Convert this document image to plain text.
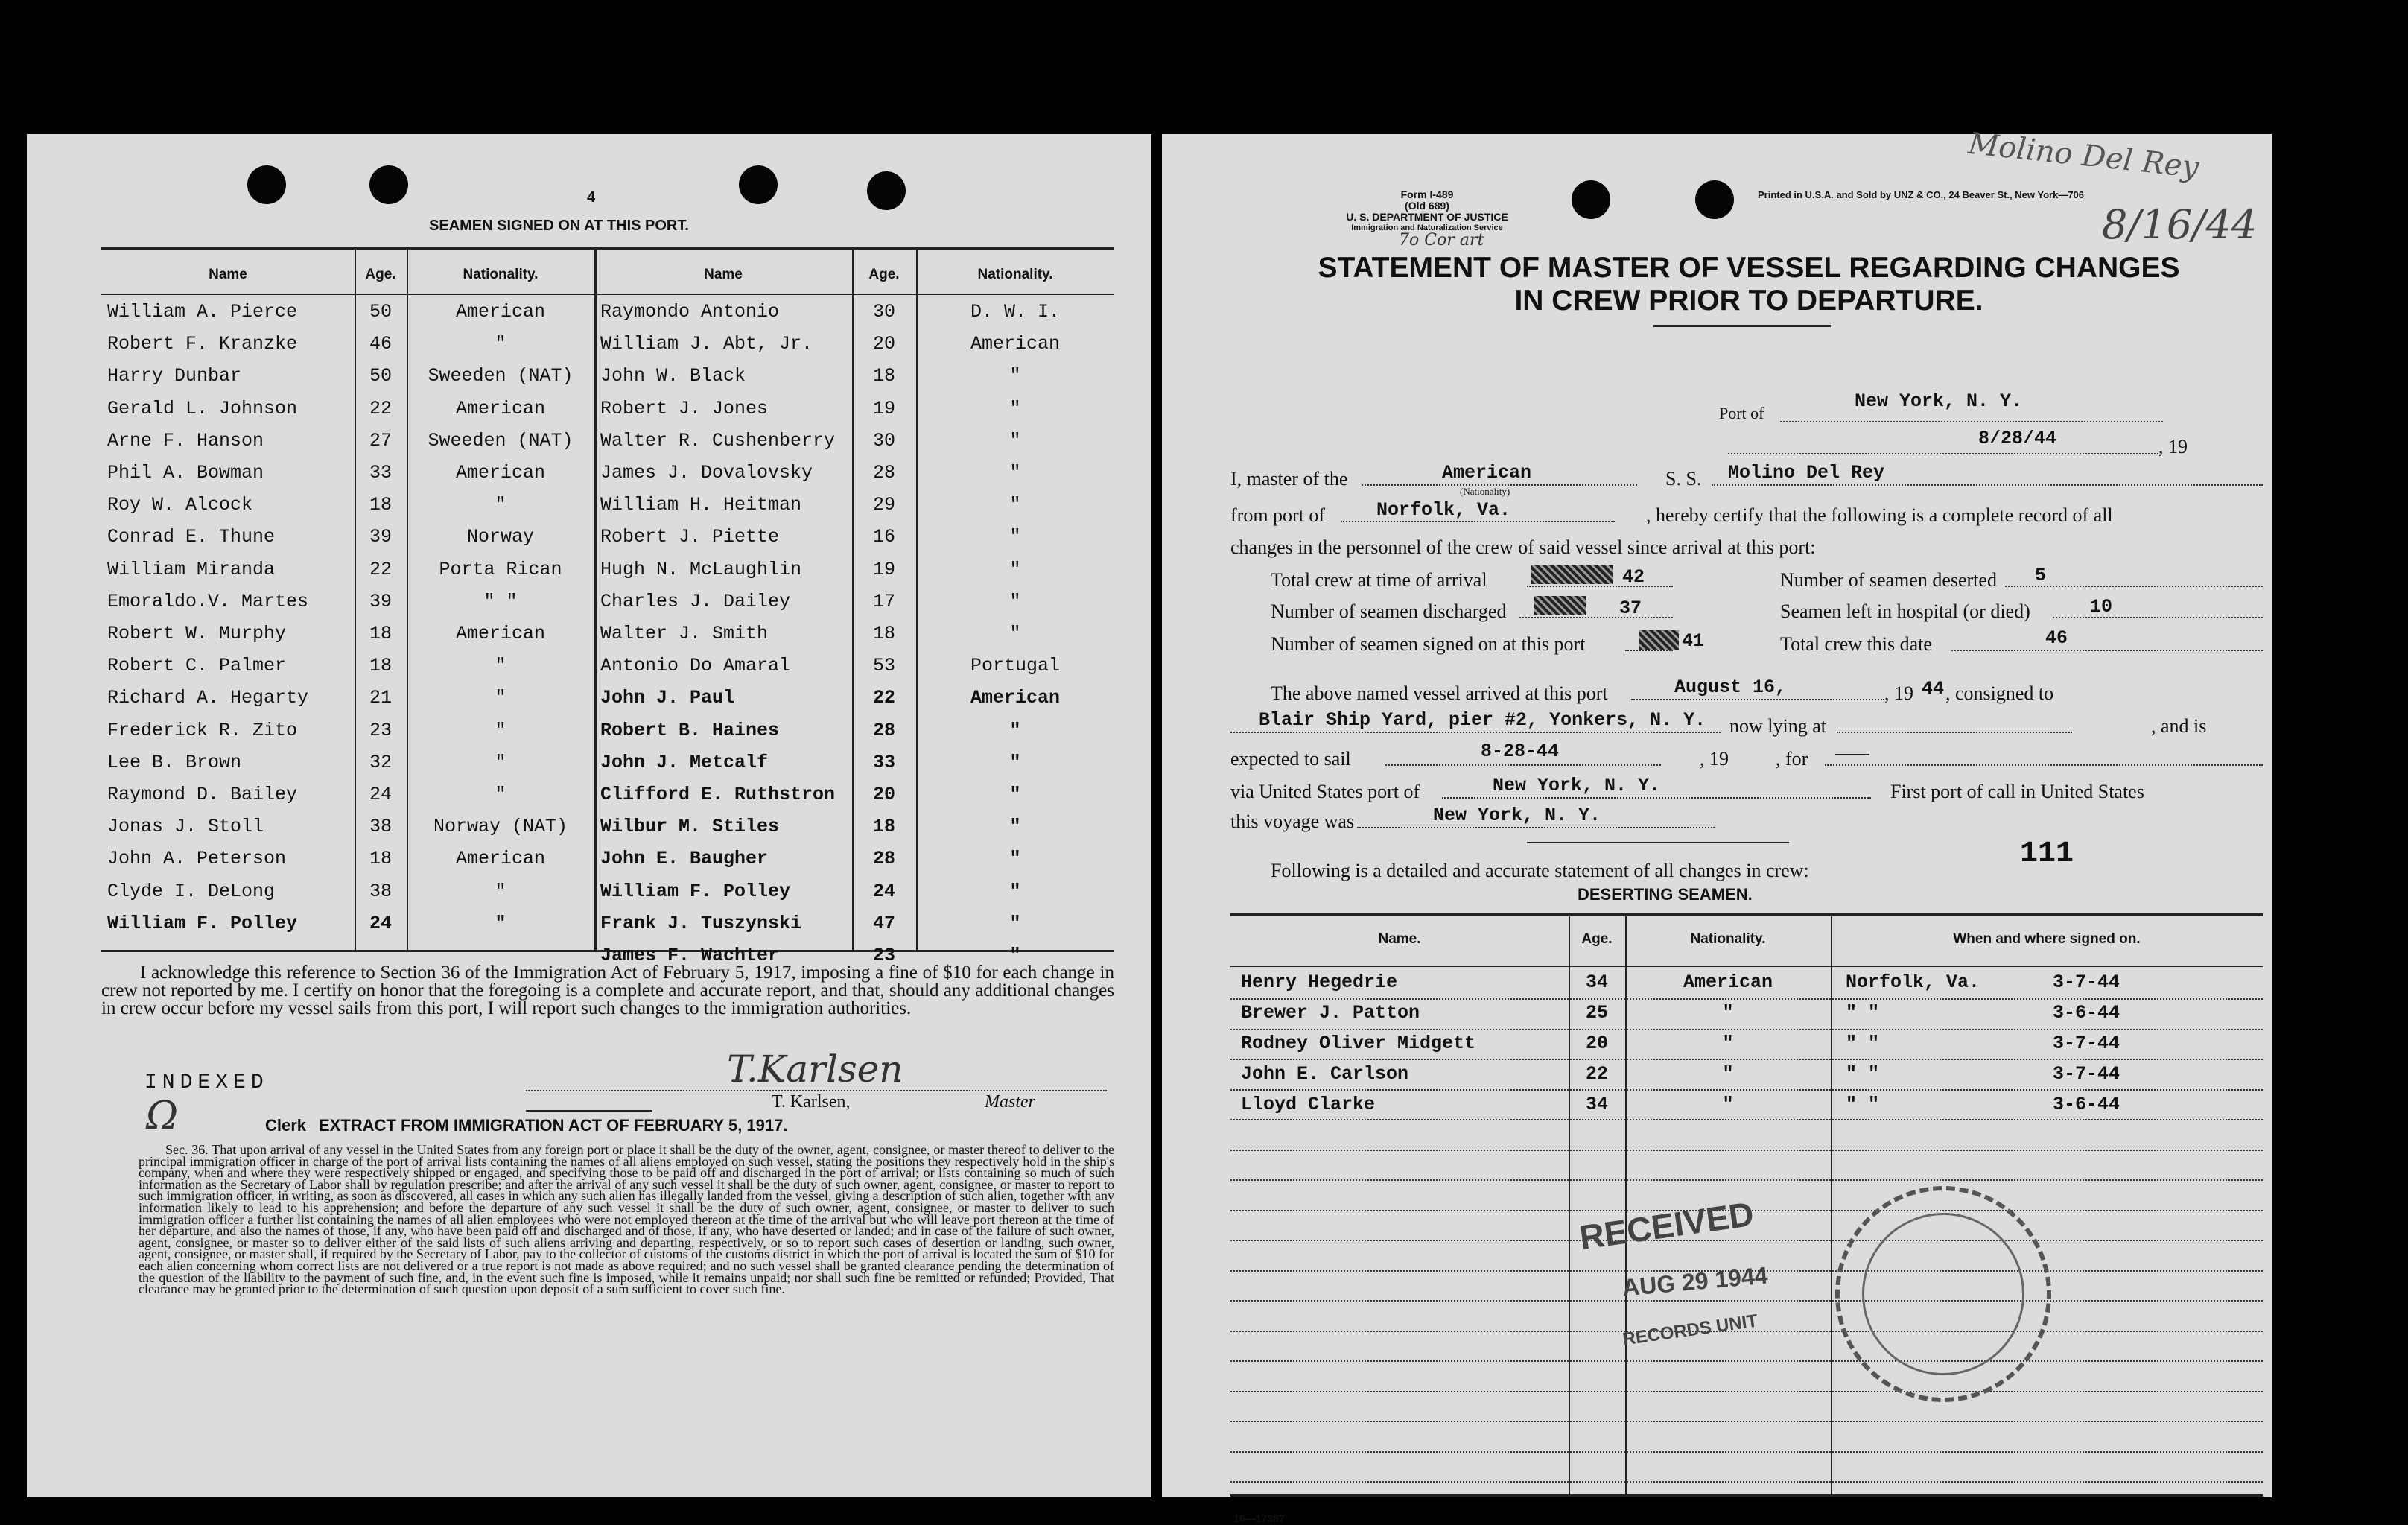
4
SEAMEN SIGNED ON AT THIS PORT.
Name	Age.	Nationality.	Name	Age.	Nationality.
William A. Pierce	50	American
Robert F. Kranzke	46	"
Harry Dunbar	50	Sweeden (NAT)
Gerald L. Johnson	22	American
Arne F. Hanson	27	Sweeden (NAT)
Phil A. Bowman	33	American
Roy W. Alcock	18	"
Conrad E. Thune	39	Norway
William Miranda	22	Porta Rican
Emoraldo.V. Martes	39	" "
Robert W. Murphy	18	American
Robert C. Palmer	18	"
Richard A. Hegarty	21	"
Frederick R. Zito	23	"
Lee B. Brown	32	"
Raymond D. Bailey	24	"
Jonas J. Stoll	38	Norway (NAT)
John A. Peterson	18	American
Clyde I. DeLong	38	"
William F. Polley	24	"
Raymondo Antonio	30	D. W. I.
William J. Abt, Jr.	20	American
John W. Black	18	"
Robert J. Jones	19	"
Walter R. Cushenberry	30	"
James J. Dovalovsky	28	"
William H. Heitman	29	"
Robert J. Piette	16	"
Hugh N. McLaughlin	19	"
Charles J. Dailey	17	"
Walter J. Smith	18	"
Antonio Do Amaral	53	Portugal
John J. Paul	22	American
Robert B. Haines	28	"
John J. Metcalf	33	"
Clifford E. Ruthstron	20	"
Wilbur M. Stiles	18	"
John E. Baugher	28	"
William F. Polley	24	"
Frank J. Tuszynski	47	"
James F. Wachter	23	"
I acknowledge this reference to Section 36 of the Immigration Act of February 5, 1917, imposing a fine of $10 for each change in crew not reported by me. I certify on honor that the foregoing is a complete and accurate report, and that, should any additional changes in crew occur before my vessel sails from this port, I will report such changes to the immigration authorities.
INDEXED
Ω	Clerk
T.Karlsen
T. Karlsen,	Master
EXTRACT FROM IMMIGRATION ACT OF FEBRUARY 5, 1917.
Sec. 36. That upon arrival of any vessel in the United States from any foreign port or place it shall be the duty of the owner, agent, consignee, or master thereof to deliver to the principal immigration officer in charge of the port of arrival lists containing the names of all aliens employed on such vessel, stating the positions they respectively hold in the ship's company, when and where they were respectively shipped or engaged, and specifying those to be paid off and discharged in the port of arrival; or lists containing so much of such information as the Secretary of Labor shall by regulation prescribe; and after the arrival of any such vessel it shall be the duty of such owner, agent, consignee, or master to report to such immigration officer, in writing, as soon as discovered, all cases in which any such alien has illegally landed from the vessel, giving a description of such alien, together with any information likely to lead to his apprehension; and before the departure of any such vessel it shall be the duty of such owner, agent, consignee, or master to deliver to such immigration officer a further list containing the names of all alien employees who were not employed thereon at the time of the arrival but who will leave port thereon at the time of her departure, and also the names of those, if any, who have been paid off and discharged and of those, if any, who have deserted or landed; and in case of the failure of such owner, agent, consignee, or master so to deliver either of the said lists of such aliens arriving and departing, respectively, or so to report such cases of desertion or landing, such owner, agent, consignee, or master shall, if required by the Secretary of Labor, pay to the collector of customs of the customs district in which the port of arrival is located the sum of $10 for each alien concerning whom correct lists are not delivered or a true report is not made as above required; and no such vessel shall be granted clearance pending the determination of the question of the liability to the payment of such fine, and, in the event such fine is imposed, while it remains unpaid; nor shall such fine be remitted or refunded; Provided, That clearance may be granted prior to the determination of such question upon deposit of a sum sufficient to cover such fine.
Form I-489
(Old 689)
U. S. DEPARTMENT OF JUSTICE
Immigration and Naturalization Service
7o Cor art
Printed in U.S.A. and Sold by UNZ & CO., 24 Beaver St., New York—706
Molino Del Rey
8/16/44
STATEMENT OF MASTER OF VESSEL REGARDING CHANGES
IN CREW PRIOR TO DEPARTURE.
Port of
New York, N. Y.
8/28/44	, 19
I, master of the	American
(Nationality)
S. S. Molino Del Rey
from port of	Norfolk, Va.	, hereby certify that the following is a complete record of all
changes in the personnel of the crew of said vessel since arrival at this port:
Total crew at time of arrival	42	Number of seamen deserted 5
Number of seamen discharged	37	Seamen left in hospital (or died)	10
Number of seamen signed on at this port	41	Total crew this date	46
The above named vessel arrived at this port	August 16,	, 19 44 , consigned to
Blair Ship Yard, pier #2, Yonkers, N. Y. now lying at	, and is
expected to sail	8-28-44	, 19 , for
via United States port of	New York, N. Y.	First port of call in United States
this voyage was	New York, N. Y.
Following is a detailed and accurate statement of all changes in crew:	111
DESERTING SEAMEN.
Name.	Age.	Nationality.	When and where signed on.
Henry Hegedrie	34	American	Norfolk, Va.	3-7-44
Brewer J. Patton	25	"	" "	3-6-44
Rodney Oliver Midgett	20	"	" "	3-7-44
John E. Carlson	22	"	" "	3-7-44
Lloyd Clarke	34	"	" "	3-6-44
RECEIVED
AUG 29 1944
RECORDS UNIT
16—17387
